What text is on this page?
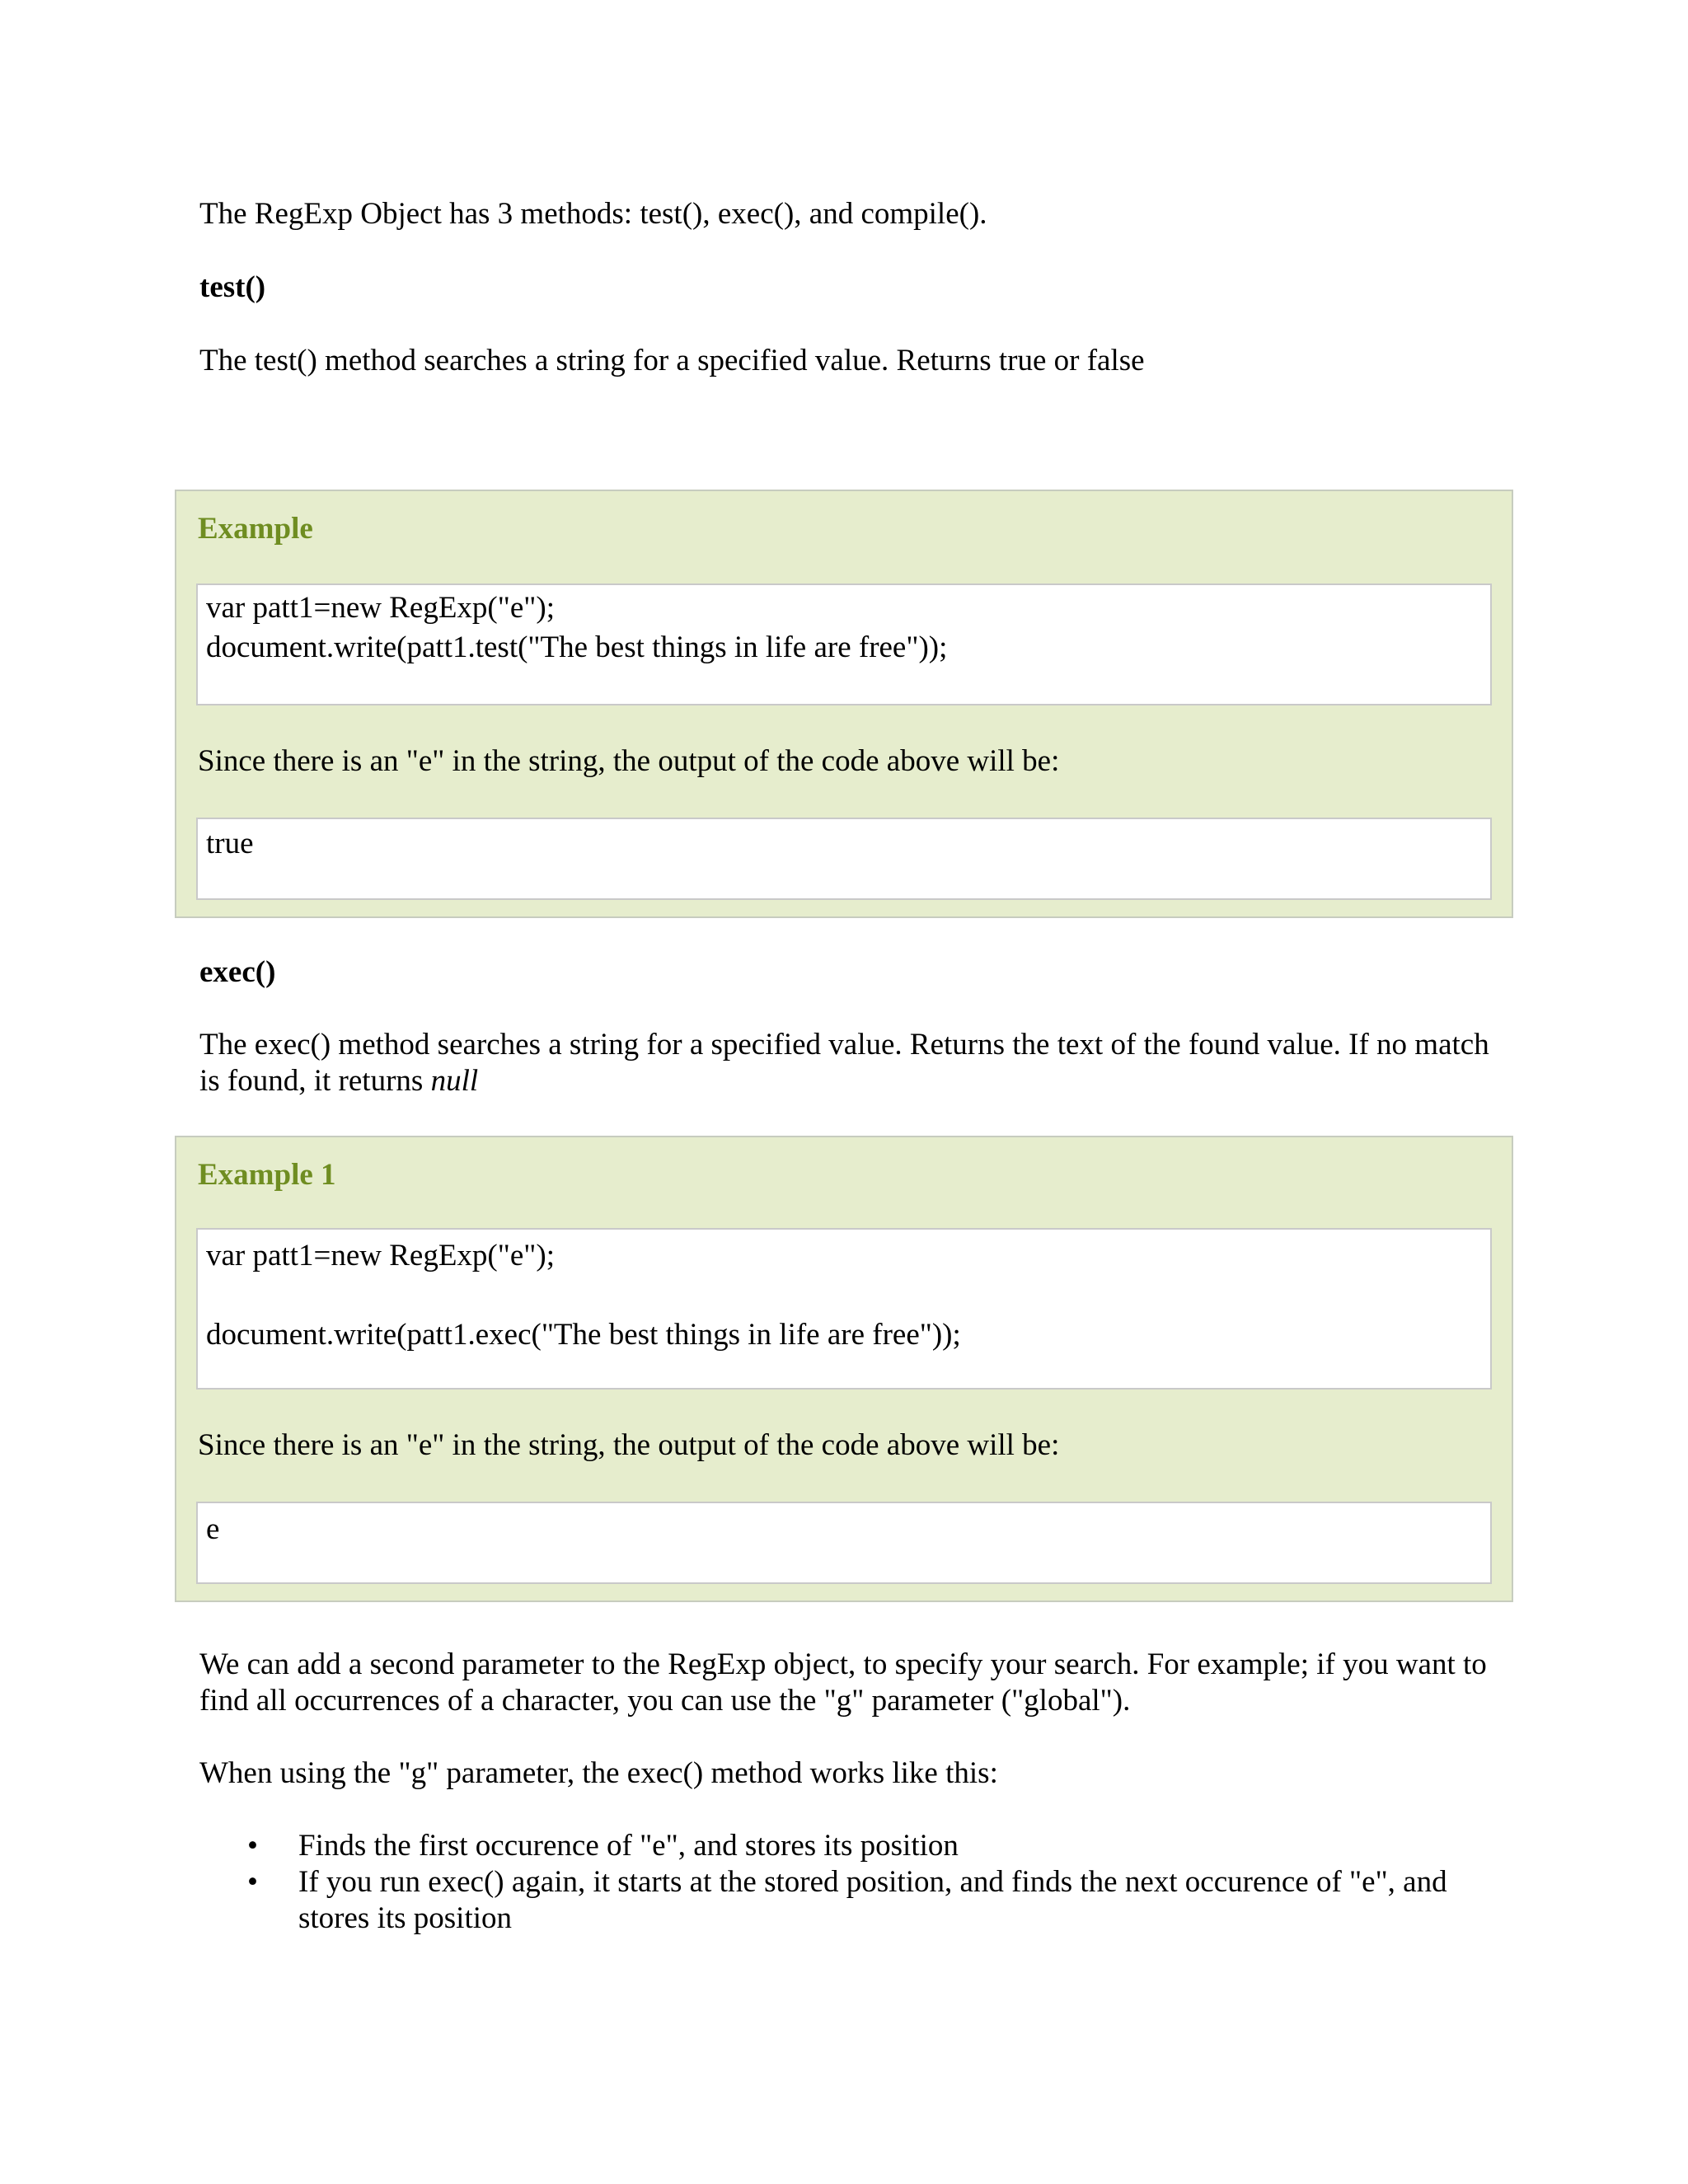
The RegExp Object has 3 methods: test(), exec(), and compile().

test()

The test() method searches a string for a specified value. Returns true or false

Example

var patt1=new RegExp("e");
document.write(patt1.test("The best things in life are free"));

Since there is an "e" in the string, the output of the code above will be:

true

exec()

The exec() method searches a string for a specified value. Returns the text of the found value. If no match is found, it returns null

Example 1

var patt1=new RegExp("e");
document.write(patt1.exec("The best things in life are free"));

Since there is an "e" in the string, the output of the code above will be:

e

We can add a second parameter to the RegExp object, to specify your search. For example; if you want to find all occurrences of a character, you can use the "g" parameter ("global").

When using the "g" parameter, the exec() method works like this:

• Finds the first occurence of "e", and stores its position
• If you run exec() again, it starts at the stored position, and finds the next occurence of "e", and stores its position
